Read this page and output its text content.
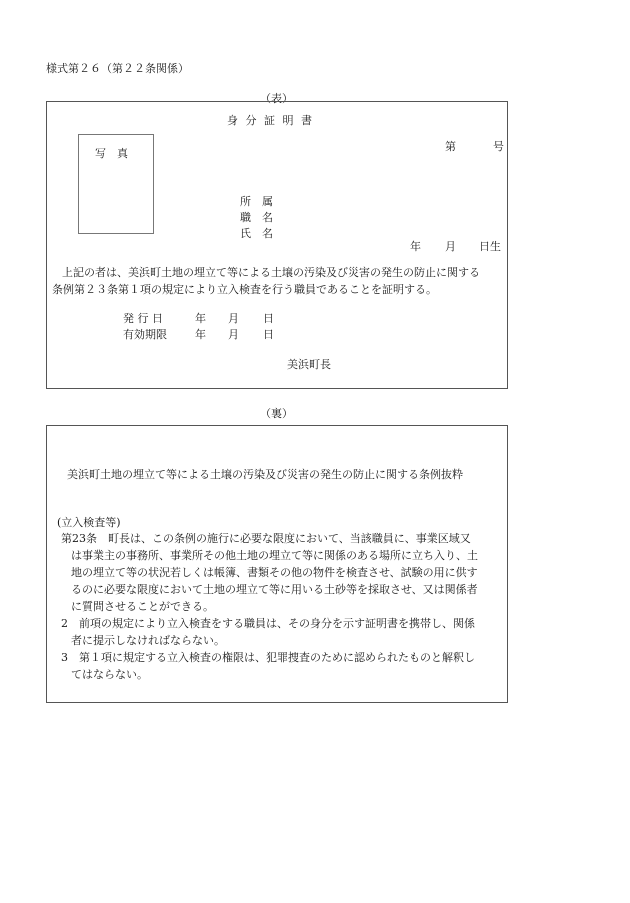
様式第２６（第２２条関係）
（表）
身 分 証 明 書
第	号
写　真
所　属
職　名
氏　名
年 月 日生
上記の者は、美浜町土地の埋立て等による土壌の汚染及び災害の発生の防止に関する
条例第２３条第１項の規定により立入検査を行う職員であることを証明する。
発 行 日	年 月 日
有効期限	年 月 日
美浜町長
（裏）
美浜町土地の埋立て等による土壌の汚染及び災害の発生の防止に関する条例抜粋
(立入検査等)
第23条　町長は、この条例の施行に必要な限度において、当該職員に、事業区域又
は事業主の事務所、事業所その他土地の埋立て等に関係のある場所に立ち入り、土
地の埋立て等の状況若しくは帳簿、書類その他の物件を検査させ、試験の用に供す
るのに必要な限度において土地の埋立て等に用いる土砂等を採取させ、又は関係者
に質問させることができる。
2　前項の規定により立入検査をする職員は、その身分を示す証明書を携帯し、関係
者に提示しなければならない。
3　第１項に規定する立入検査の権限は、犯罪捜査のために認められたものと解釈し
てはならない。
